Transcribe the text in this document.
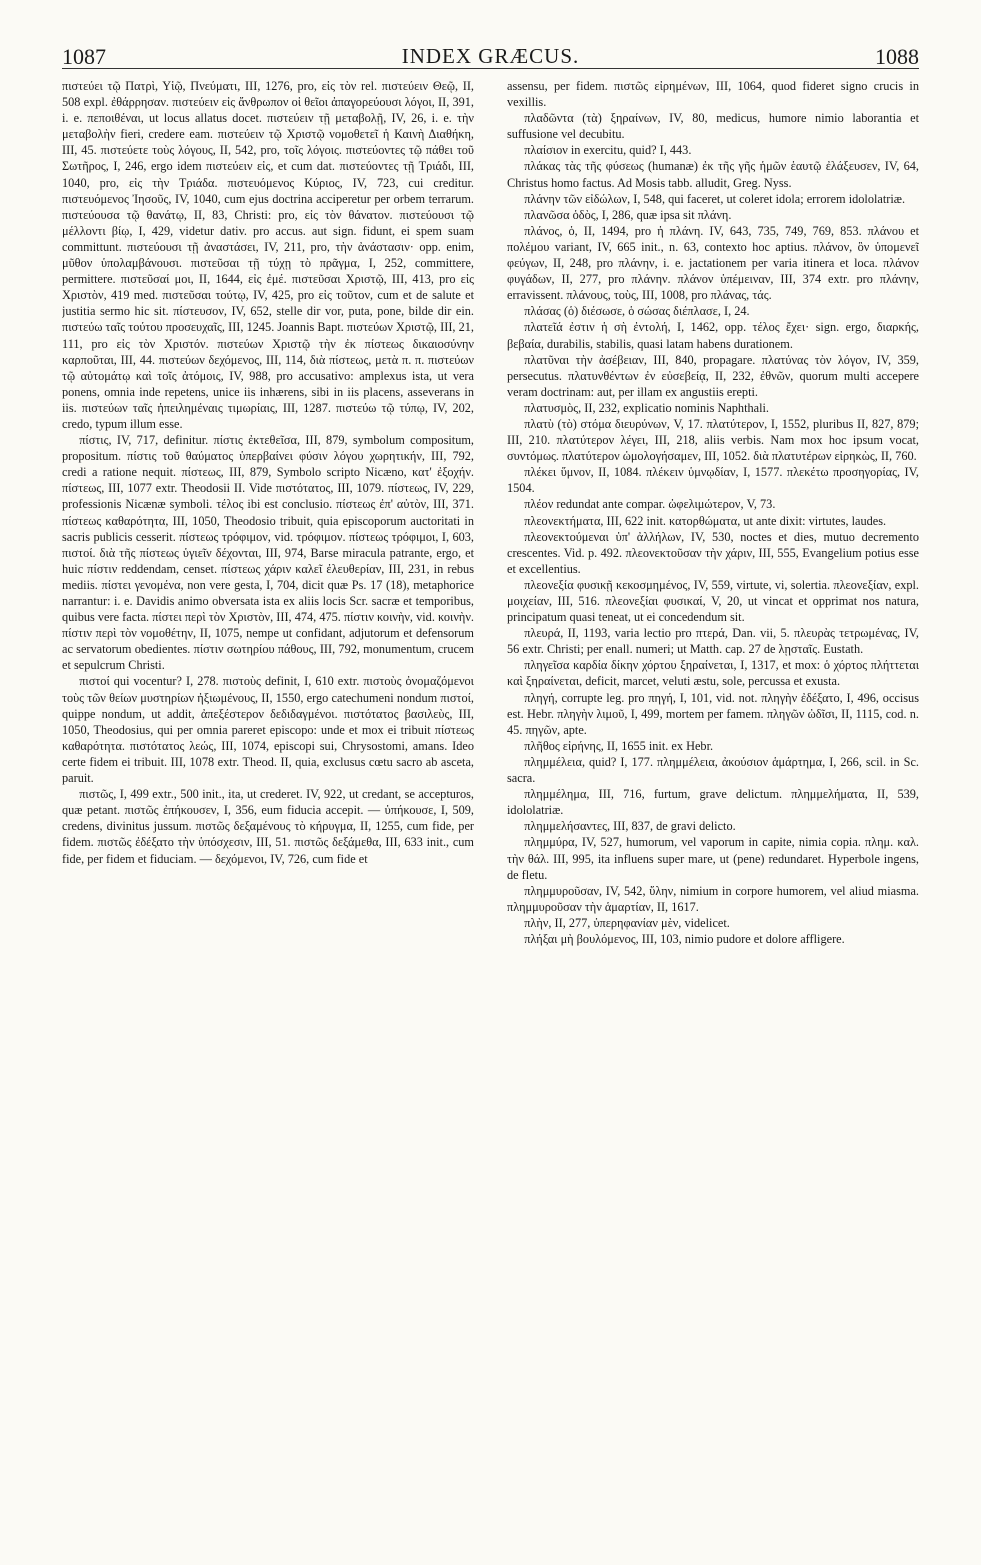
1087	INDEX GRÆCUS.	1088

πιστεύει τῷ Πατρὶ, Υἱῷ, Πνεύματι, III, 1276, pro, εἰς τὸν rel. πιστεύειν Θεῷ, II, 508 expl. ἐθάρρησαν. πιστεύειν εἰς ἄνθρωπον οἱ θεῖοι ἀπαγορεύουσι λόγοι, II, 391, i. e. πεποιθέναι, ut locus allatus docet. πιστεύειν τῇ μεταβολῇ, IV, 26, i. e. τὴν μεταβολὴν fieri, credere eam. πιστεύειν τῷ Χριστῷ νομοθετεῖ ἡ Καινὴ Διαθήκη, III, 45. πιστεύετε τοὺς λόγους, II, 542, pro, τοῖς λόγοις. πιστεύοντες τῷ πάθει τοῦ Σωτῆρος, I, 246, ergo idem πιστεύειν εἰς, et cum dat. πιστεύοντες τῇ Τριάδι, III, 1040, pro, εἰς τὴν Τριάδα. πιστευόμενος Κύριος, IV, 723, cui creditur. πιστευόμενος Ἰησοῦς, IV, 1040, cum ejus doctrina acciperetur per orbem terrarum. πιστεύουσα τῷ θανάτῳ, II, 83, Christi: pro, εἰς τὸν θάνατον. πιστεύουσι τῷ μέλλοντι βίῳ, I, 429, videtur dativ. pro accus. aut sign. fidunt, ei spem suam committunt. πιστεύουσι τῇ ἀναστάσει, IV, 211, pro, τὴν ἀνάστασιν· opp. enim, μῦθον ὑπολαμβάνουσι. πιστεῦσαι τῇ τύχῃ τὸ πρᾶγμα, I, 252, committere, permittere. πιστεῦσαί μοι, II, 1644, εἰς ἐμέ. πιστεῦσαι Χριστῷ, III, 413, pro εἰς Χριστὸν, 419 med. πιστεῦσαι τούτῳ, IV, 425, pro εἰς τοῦτον, cum et de salute et justitia sermo hic sit. πίστευσον, IV, 652, stelle dir vor, puta, pone, bilde dir ein. πιστεύω ταῖς τούτου προσευχαῖς, III, 1245. Joannis Bapt. πιστεύων Χριστῷ, III, 21, 111, pro εἰς τὸν Χριστόν. πιστεύων Χριστῷ τὴν ἐκ πίστεως δικαιοσύνην καρποῦται, III, 44. πιστεύων δεχόμενος, III, 114, διὰ πίστεως, μετὰ π. π. πιστεύων τῷ αὐτομάτῳ καὶ τοῖς ἀτόμοις, IV, 988, pro accusativo: amplexus ista, ut vera ponens, omnia inde repetens, unice iis inhærens, sibi in iis placens, asseverans in iis. πιστεύων ταῖς ἡπειλημέναις τιμωρίαις, III, 1287. πιστεύω τῷ τύπῳ, IV, 202, credo, typum illum esse.

πίστις, IV, 717, definitur. πίστις ἐκτεθεῖσα, III, 879, symbolum compositum, propositum. πίστις τοῦ θαύματος ὑπερβαίνει φύσιν λόγου χωρητικήν, III, 792, credi a ratione nequit. πίστεως, III, 879, Symbolo scripto Nicæno, κατ' ἐξοχήν. πίστεως, III, 1077 extr. Theodosii II. Vide πιστότατος, III, 1079. πίστεως, IV, 229, professionis Nicænæ symboli. τέλος ibi est conclusio. πίστεως ἐπ' αὐτὸν, III, 371. πίστεως καθαρότητα, III, 1050, Theodosio tribuit, quia episcoporum auctoritati in sacris publicis cesserit. πίστεως τρόφιμον, vid. τρόφιμον. πίστεως τρόφιμοι, I, 603, πιστοί. διὰ τῆς πίστεως ὑγιεῖν δέχονται, III, 974, Barse miracula patrante, ergo, et huic πίστιν reddendam, censet. πίστεως χάριν καλεῖ ἐλευθερίαν, III, 231, in rebus mediis. πίστει γενομένα, non vere gesta, I, 704, dicit quæ Ps. 17 (18), metaphorice narrantur: i. e. Davidis animo obversata ista ex aliis locis Scr. sacræ et temporibus, quibus vere facta. πίστει περὶ τὸν Χριστὸν, III, 474, 475. πίστιν κοινὴν, vid. κοινὴν. πίστιν περὶ τὸν νομοθέτην, II, 1075, nempe ut confidant, adjutorum et defensorum ac servatorum obedientes. πίστιν σωτηρίου πάθους, III, 792, monumentum, crucem et sepulcrum Christi.

πιστοί qui vocentur? I, 278. πιστοὺς definit, I, 610 extr. πιστοὺς ὀνομαζόμενοι τοὺς τῶν θείων μυστηρίων ἠξιωμένους, II, 1550, ergo catechumeni nondum πιστοί, quippe nondum, ut addit, ἀπεξέστερον δεδιδαγμένοι. πιστότατος βασιλεὺς, III, 1050, Theodosius, qui per omnia pareret episcopo: unde et mox ei tribuit πίστεως καθαρότητα. πιστότατος λεώς, III, 1074, episcopi sui, Chrysostomi, amans. Ideo certe fidem ei tribuit. III, 1078 extr. Theod. II, quia, exclusus cœtu sacro ab ascetа, paruit.

πιστῶς, I, 499 extr., 500 init., ita, ut crederet. IV, 922, ut credant, se accepturos, quæ petant. πιστῶς ἐπήκουσεν, I, 356, eum fiducia accepit. — ὑπήκουσε, I, 509, credens, divinitus jussum. πιστῶς δεξαμένους τὸ κήρυγμα, II, 1255, cum fide, per fidem. πιστῶς ἐδέξατο τὴν ὑπόσχεσιν, III, 51. πιστῶς δεξάμεθα, III, 633 init., cum fide, per fidem et fiduciam. — δεχόμενοι, IV, 726, cum fide et

assensu, per fidem. πιστῶς εἰρημένων, III, 1064, quod fideret signo crucis in vexillis.

πλαδῶντα (τὰ) ξηραίνων, IV, 80, medicus, humore nimio laborantia et suffusione vel decubitu.

πλαίσιον in exercitu, quid? I, 443.

πλάκας τὰς τῆς φύσεως (humanæ) ἐκ τῆς γῆς ἡμῶν ἑαυτῷ ἐλάξευσεν, IV, 64, Christus homo factus. Ad Mosis tabb. alludit, Greg. Nyss.

πλάνην τῶν εἰδώλων, I, 548, qui faceret, ut coleret idola; errorem idololatriæ.

πλανῶσα ὁδὸς, I, 286, quæ ipsa sit πλάνη.

πλάνος, ὁ, II, 1494, pro ἡ πλάνη. IV, 643, 735, 749, 769, 853. πλάνου et πολέμου variant, IV, 665 init., n. 63, contexto hoc aptius. πλάνον, ὃν ὑπομενεῖ φεύγων, II, 248, pro πλάνην, i. e. jactationem per varia itinera et loca. πλάνον φυγάδων, II, 277, pro πλάνην. πλάνον ὑπέμειναν, III, 374 extr. pro πλάνην, erravissent. πλάνους, τοὺς, III, 1008, pro πλάνας, τάς.

πλάσας (ὁ) διέσωσε, ὁ σώσας διέπλασε, I, 24.

πλατεῖά ἐστιν ἡ σὴ ἐντολή, I, 1462, opp. τέλος ἔχει· sign. ergo, διαρκής, βεβαία, durabilis, stabilis, quasi latam habens durationem.

πλατῦναι τὴν ἀσέβειαν, III, 840, propagare. πλατύνας τὸν λόγον, IV, 359, persecutus. πλατυνθέντων ἐν εὐσεβείᾳ, II, 232, ἐθνῶν, quorum multi accepere veram doctrinam: aut, per illam ex angustiis erepti.

πλατυσμὸς, II, 232, explicatio nominis Naphthali.

πλατὺ (τὸ) στόμα διευρύνων, V, 17. πλατύτερον, I, 1552, pluribus II, 827, 879; III, 210. πλατύτερον λέγει, III, 218, aliis verbis. Nam mox hoc ipsum vocat, συντόμως. πλατύτερον ὡμολογήσαμεν, III, 1052. διὰ πλατυτέρων εἰρηκὼς, II, 760.

πλέκει ὕμνον, II, 1084. πλέκειν ὑμνῳδίαν, I, 1577. πλεκέτω προσηγορίας, IV, 1504.

πλέον redundat ante compar. ὠφελιμώτερον, V, 73.

πλεονεκτήματα, III, 622 init. κατορθώματα, ut ante dixit: virtutes, laudes.

πλεονεκτούμεναι ὑπ' ἀλλήλων, IV, 530, noctes et dies, mutuo decremento crescentes. Vid. p. 492. πλεονεκτοῦσαν τὴν χάριν, III, 555, Evangelium potius esse et excellentius.

πλεονεξία φυσικῇ κεκοσμημένος, IV, 559, virtute, vi, solertia. πλεονεξίαν, expl. μοιχείαν, III, 516. πλεονεξίαι φυσικαί, V, 20, ut vincat et opprimat nos natura, principatum quasi teneat, ut ei concedendum sit.

πλευρά, II, 1193, varia lectio pro πτερά, Dan. vii, 5. πλευρὰς τετρωμένας, IV, 56 extr. Christi; per enall. numeri; ut Matth. cap. 27 de λῃσταῖς. Eustath.

πληγεῖσα καρδία δίκην χόρτου ξηραίνεται, I, 1317, et mox: ὁ χόρτος πλήττεται καὶ ξηραίνεται, deficit, marcet, veluti æstu, sole, percussa et exusta.

πληγή, corrupte leg. pro πηγή, I, 101, vid. not. πληγὴν ἐδέξατο, I, 496, occisus est. Hebr. πληγὴν λιμοῦ, I, 499, mortem per famem. πληγῶν ὠδῖσι, II, 1115, cod. n. 45. πηγῶν, apte.

πλῆθος εἰρήνης, II, 1655 init. ex Hebr.

πλημμέλεια, quid? I, 177. πλημμέλεια, ἀκούσιον ἁμάρτημα, I, 266, scil. in Sc. sacra.

πλημμέλημα, III, 716, furtum, grave delictum. πλημμελήματα, II, 539, idololatriæ.

πλημμελήσαντες, III, 837, de gravi delicto.

πλημμύρα, IV, 527, humorum, vel vaporum in capite, nimia copia. πλημ. καλ. τὴν θάλ. III, 995, ita influens super mare, ut (pene) redundaret. Hyperbole ingens, de fletu.

πλημμυροῦσαν, IV, 542, ὕλην, nimium in corpore humorem, vel aliud miasma. πλημμυροῦσαν τὴν ἁμαρτίαν, II, 1617.

πλὴν, II, 277, ὑπερηφανίαν μὲν, videlicet.

πλήξαι μὴ βουλόμενος, III, 103, nimio pudore et dolore affligere.
